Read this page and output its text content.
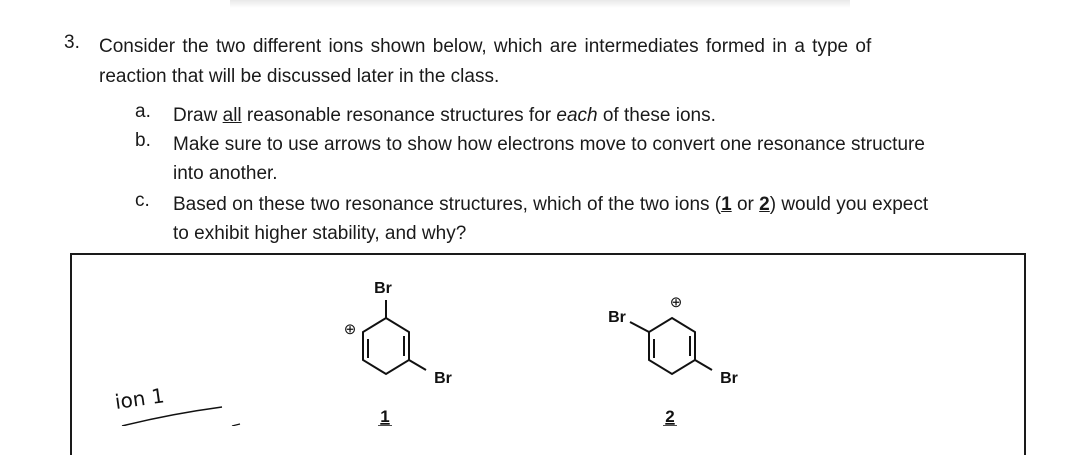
3. Consider the two different ions shown below, which are intermediates formed in a type of
reaction that will be discussed later in the class.
a. Draw all reasonable resonance structures for each of these ions.
b. Make sure to use arrows to show how electrons move to convert one resonance structure
into another.
c. Based on these two resonance structures, which of the two ions (1 or 2) would you expect
to exhibit higher stability, and why?
Br
Br
⊕
1
Br
Br
⊕
2
ion 1
